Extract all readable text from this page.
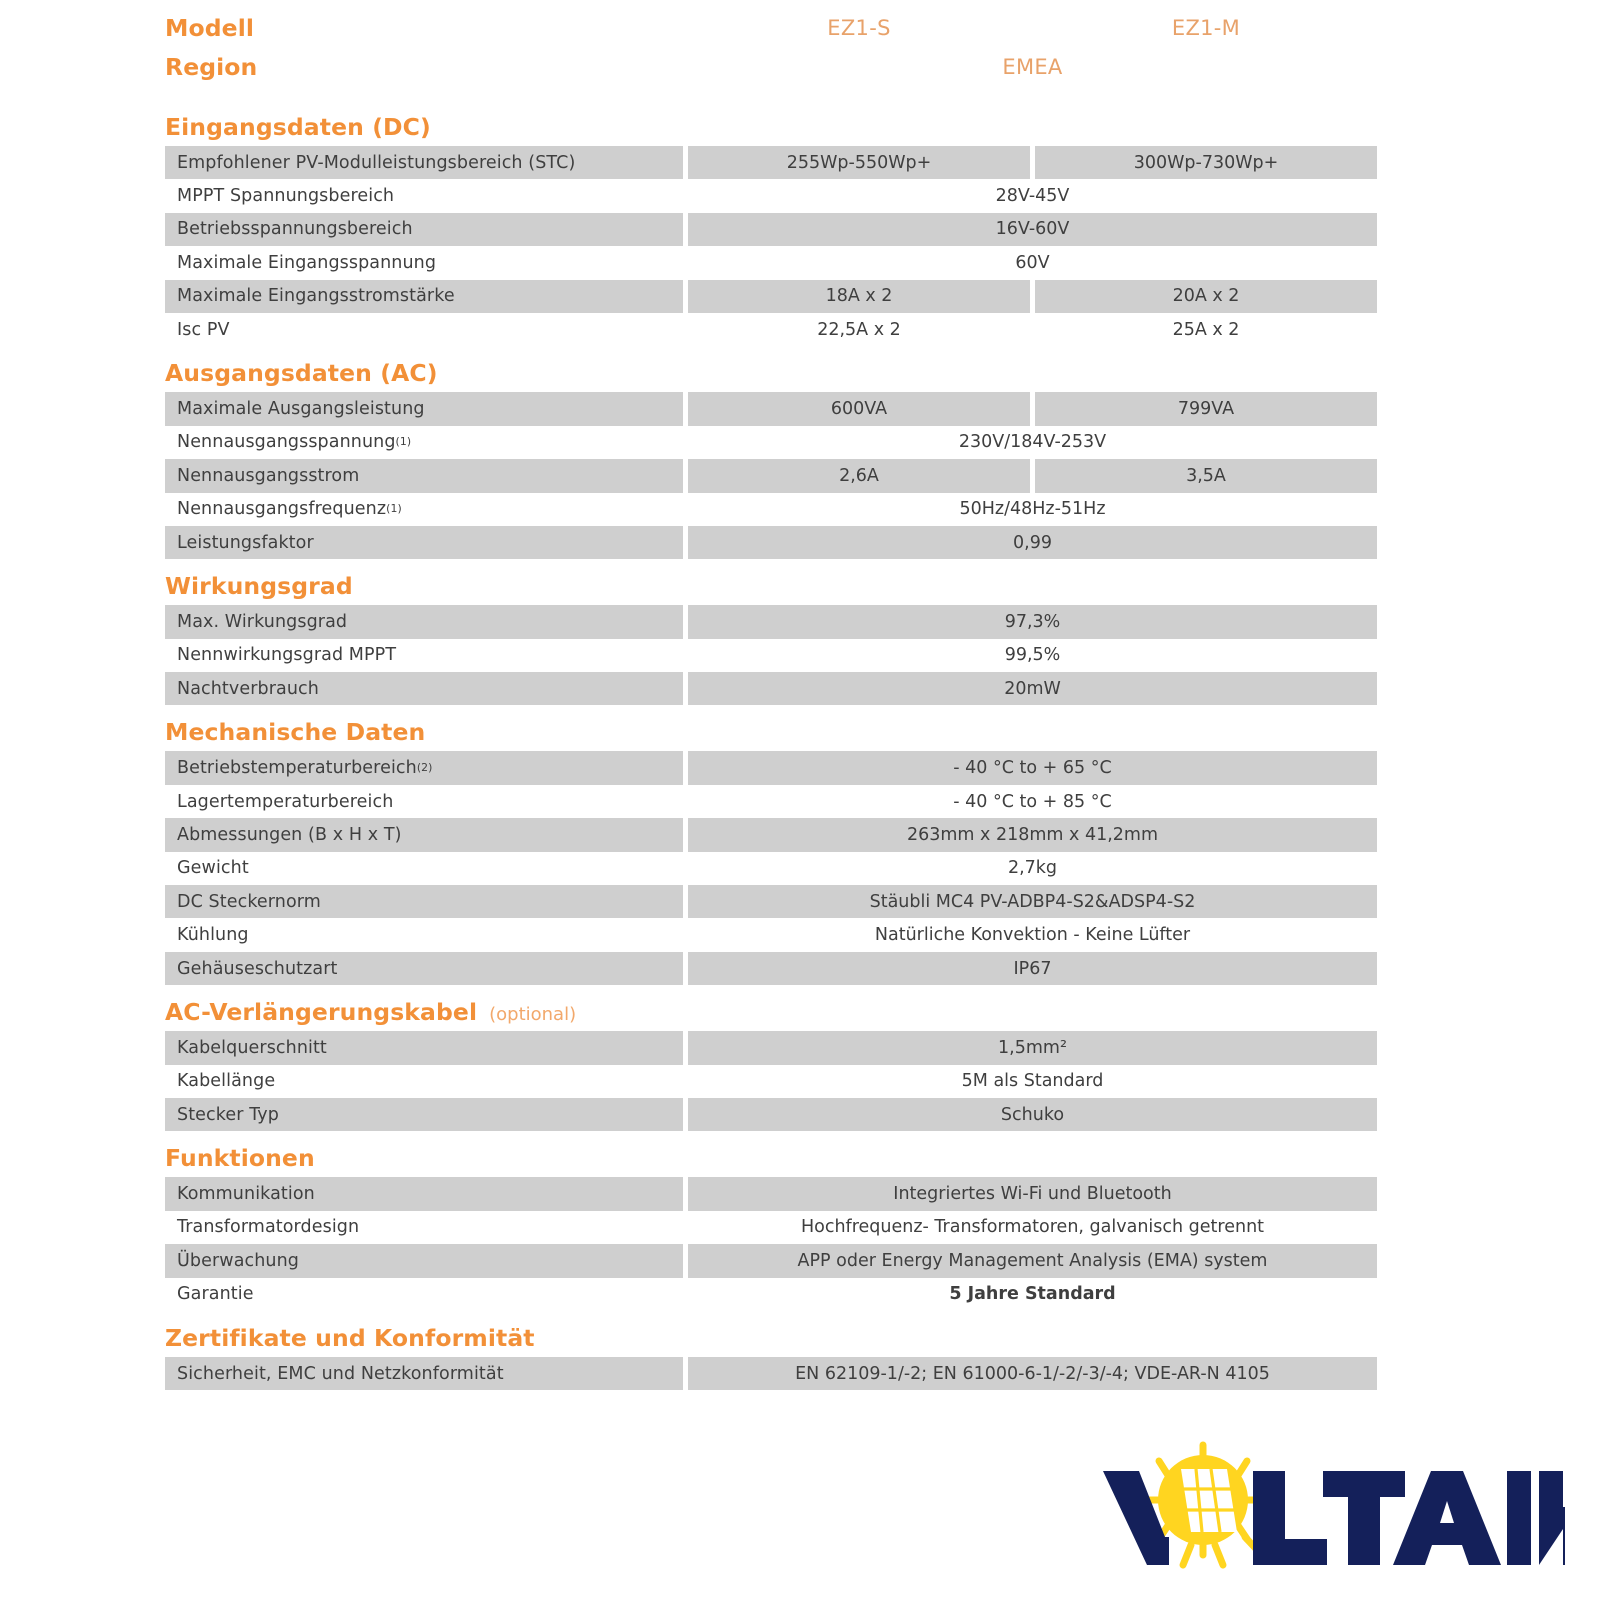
Modell	EZ1-S	EZ1-M
Region	EMEA
Eingangsdaten (DC)
Empfohlener PV-Modulleistungsbereich (STC)	255Wp-550Wp+	300Wp-730Wp+
MPPT Spannungsbereich	28V-45V
Betriebsspannungsbereich	16V-60V
Maximale Eingangsspannung	60V
Maximale Eingangsstromstärke	18A x 2	20A x 2
Isc PV	22,5A x 2	25A x 2
Ausgangsdaten (AC)
Maximale Ausgangsleistung	600VA	799VA
Nennausgangsspannung (1)	230V/184V-253V
Nennausgangsstrom	2,6A	3,5A
Nennausgangsfrequenz (1)	50Hz/48Hz-51Hz
Leistungsfaktor	0,99
Wirkungsgrad
Max. Wirkungsgrad	97,3%
Nennwirkungsgrad MPPT	99,5%
Nachtverbrauch	20mW
Mechanische Daten
Betriebstemperaturbereich (2)	- 40 °C to + 65 °C
Lagertemperaturbereich	- 40 °C to + 85 °C
Abmessungen (B x H x T)	263mm x 218mm x 41,2mm
Gewicht	2,7kg
DC Steckernorm	Stäubli MC4 PV-ADBP4-S2&ADSP4-S2
Kühlung	Natürliche Konvektion - Keine Lüfter
Gehäuseschutzart	IP67
AC-Verlängerungskabel (optional)
Kabelquerschnitt	1,5mm²
Kabellänge	5M als Standard
Stecker Typ	Schuko
Funktionen
Kommunikation	Integriertes Wi-Fi und Bluetooth
Transformatordesign	Hochfrequenz- Transformatoren, galvanisch getrennt
Überwachung	APP oder Energy Management Analysis (EMA) system
Garantie	5 Jahre Standard
Zertifikate und Konformität
Sicherheit, EMC und Netzkonformität	EN 62109-1/-2; EN 61000-6-1/-2/-3/-4; VDE-AR-N 4105
